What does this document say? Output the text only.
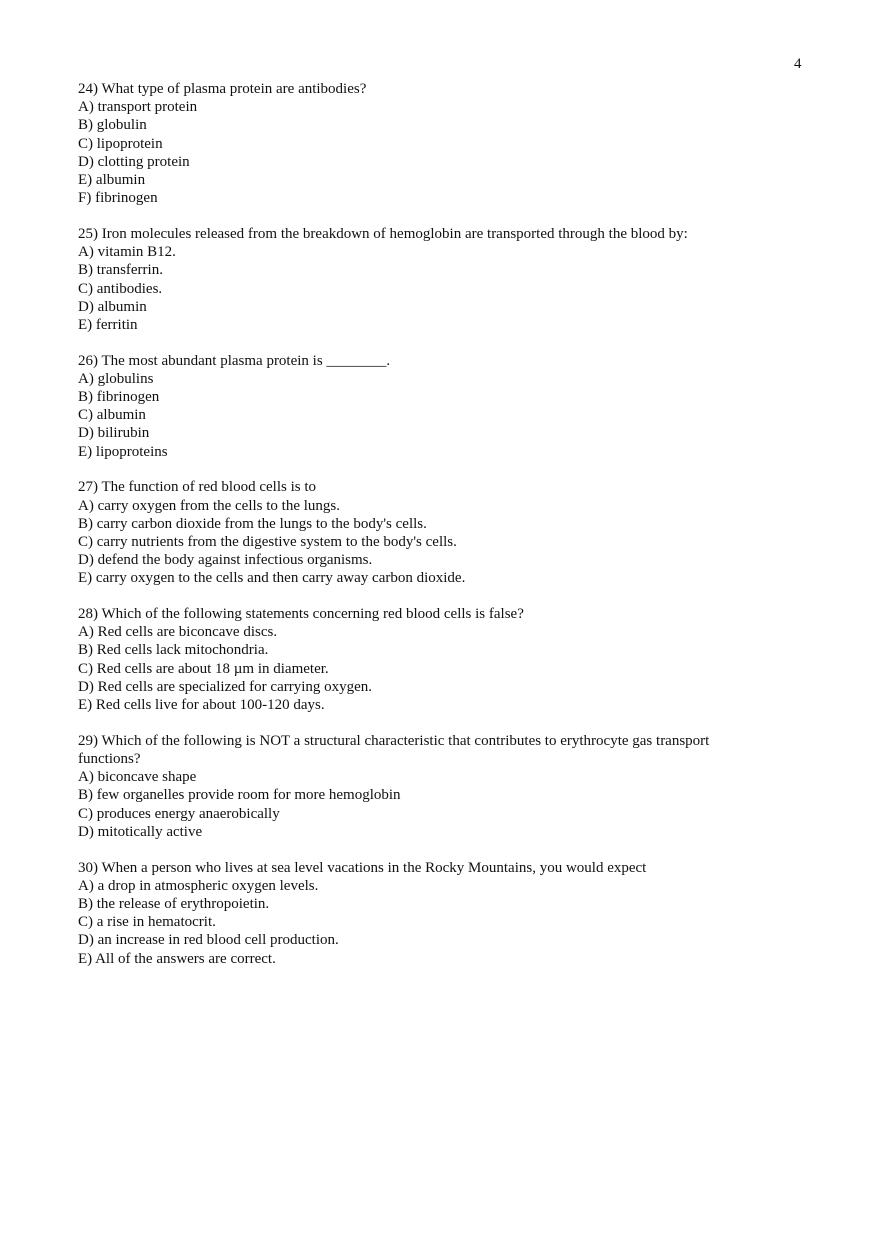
4

24) What type of plasma protein are antibodies?

A) transport protein
B) globulin
C) lipoprotein
D) clotting protein
E) albumin
F) fibrinogen

25) Iron molecules released from the breakdown of hemoglobin are transported through the blood by:

A) vitamin B12.
B) transferrin.
C) antibodies.
D) albumin
E) ferritin

26) The most abundant plasma protein is ________.

A) globulins
B) fibrinogen
C) albumin
D) bilirubin
E) lipoproteins

27) The function of red blood cells is to

A) carry oxygen from the cells to the lungs.
B) carry carbon dioxide from the lungs to the body's cells.
C) carry nutrients from the digestive system to the body's cells.
D) defend the body against infectious organisms.
E) carry oxygen to the cells and then carry away carbon dioxide.

28) Which of the following statements concerning red blood cells is false?

A) Red cells are biconcave discs.
B) Red cells lack mitochondria.
C) Red cells are about 18 µm in diameter.
D) Red cells are specialized for carrying oxygen.
E) Red cells live for about 100-120 days.

29) Which of the following is NOT a structural characteristic that contributes to erythrocyte gas transport functions?

A) biconcave shape
B) few organelles provide room for more hemoglobin
C) produces energy anaerobically
D) mitotically active

30) When a person who lives at sea level vacations in the Rocky Mountains, you would expect

A) a drop in atmospheric oxygen levels.
B) the release of erythropoietin.
C) a rise in hematocrit.
D) an increase in red blood cell production.
E) All of the answers are correct.
